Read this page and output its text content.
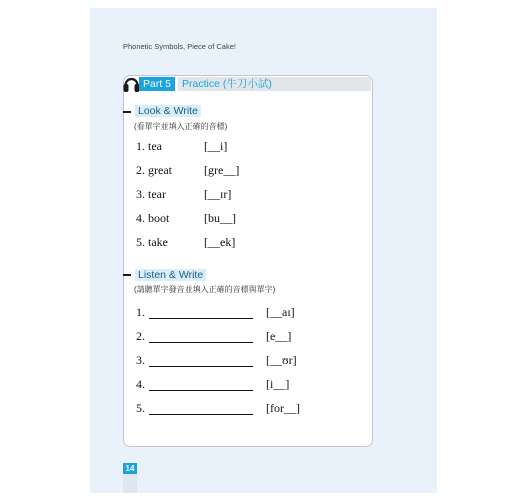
Phonetic Symbols, Piece of Cake!
Part 5	Practice (牛刀小試)
Look & Write
(看單字並填入正確的音標)
1. tea	[__i]
2. great	[gre__]
3. tear	[__ɪr]
4. boot	[bu__]
5. take	[__ek]
Listen & Write
(請聽單字發音並填入正確的音標與單字)
1.	[__aɪ]
2.	[e__]
3.	[__ʊr]
4.	[i__]
5.	[for__]
14
